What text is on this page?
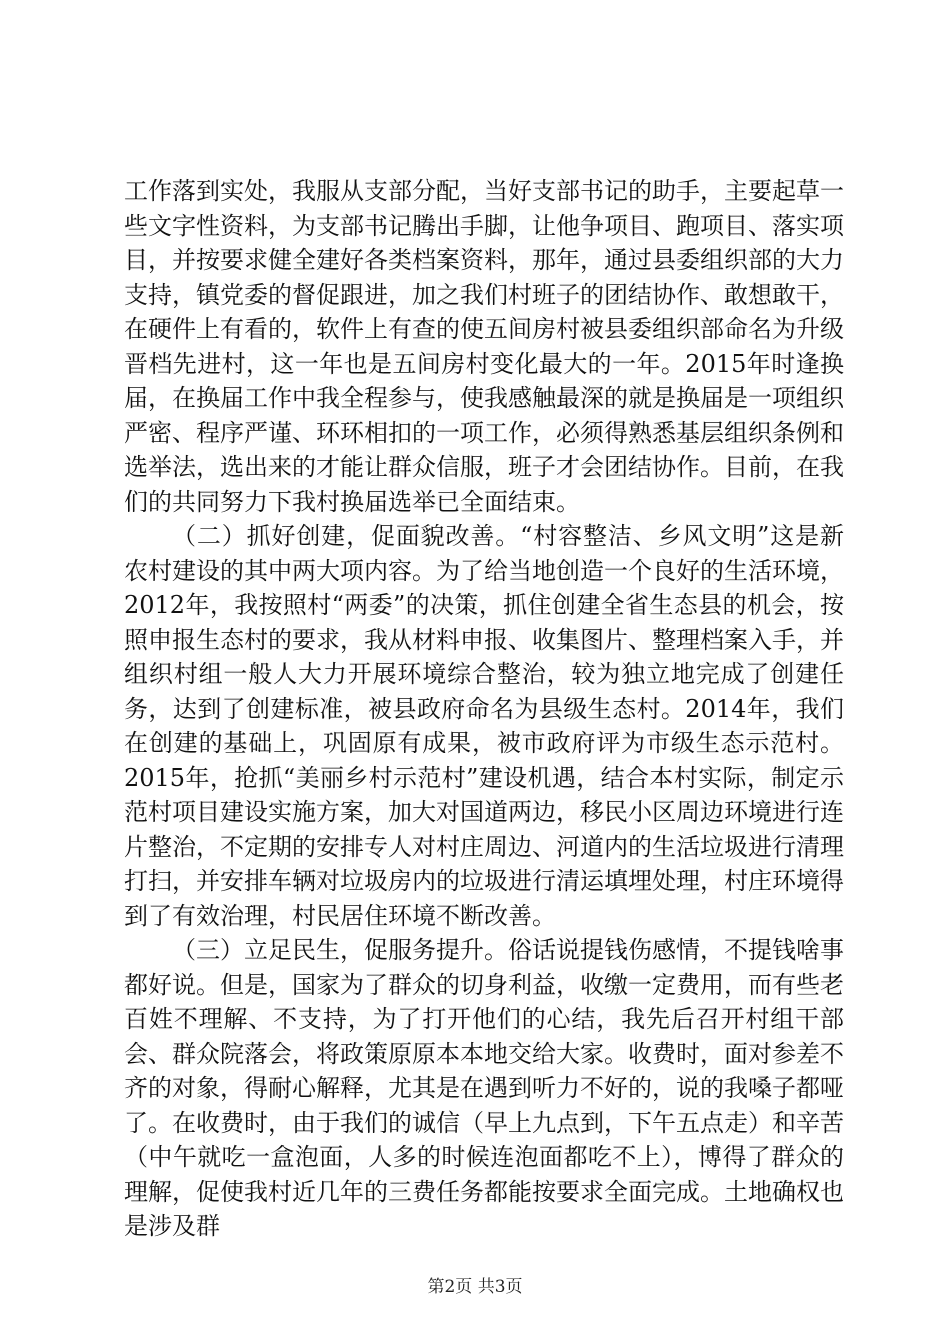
工作落到实处，我服从支部分配，当好支部书记的助手，主要起草一些文字性资料，为支部书记腾出手脚，让他争项目、跑项目、落实项目，并按要求健全建好各类档案资料，那年，通过县委组织部的大力支持，镇党委的督促跟进，加之我们村班子的团结协作、敢想敢干，在硬件上有看的，软件上有查的使五间房村被县委组织部命名为升级晋档先进村，这一年也是五间房村变化最大的一年。2015年时逢换届，在换届工作中我全程参与，使我感触最深的就是换届是一项组织严密、程序严谨、环环相扣的一项工作，必须得熟悉基层组织条例和选举法，选出来的才能让群众信服，班子才会团结协作。目前，在我们的共同努力下我村换届选举已全面结束。

（二）抓好创建，促面貌改善。“村容整洁、乡风文明”这是新农村建设的其中两大项内容。为了给当地创造一个良好的生活环境，2012年，我按照村“两委”的决策，抓住创建全省生态县的机会，按照申报生态村的要求，我从材料申报、收集图片、整理档案入手，并组织村组一般人大力开展环境综合整治，较为独立地完成了创建任务，达到了创建标准，被县政府命名为县级生态村。2014年，我们在创建的基础上，巩固原有成果，被市政府评为市级生态示范村。2015年，抢抓“美丽乡村示范村”建设机遇，结合本村实际，制定示范村项目建设实施方案，加大对国道两边，移民小区周边环境进行连片整治，不定期的安排专人对村庄周边、河道内的生活垃圾进行清理打扫，并安排车辆对垃圾房内的垃圾进行清运填埋处理，村庄环境得到了有效治理，村民居住环境不断改善。

（三）立足民生，促服务提升。俗话说提钱伤感情，不提钱啥事都好说。但是，国家为了群众的切身利益，收缴一定费用，而有些老百姓不理解、不支持，为了打开他们的心结，我先后召开村组干部会、群众院落会，将政策原原本本地交给大家。收费时，面对参差不齐的对象，得耐心解释，尤其是在遇到听力不好的，说的我嗓子都哑了。在收费时，由于我们的诚信（早上九点到，下午五点走）和辛苦（中午就吃一盒泡面，人多的时候连泡面都吃不上），博得了群众的理解，促使我村近几年的三费任务都能按要求全面完成。土地确权也是涉及群

第2页 共3页
